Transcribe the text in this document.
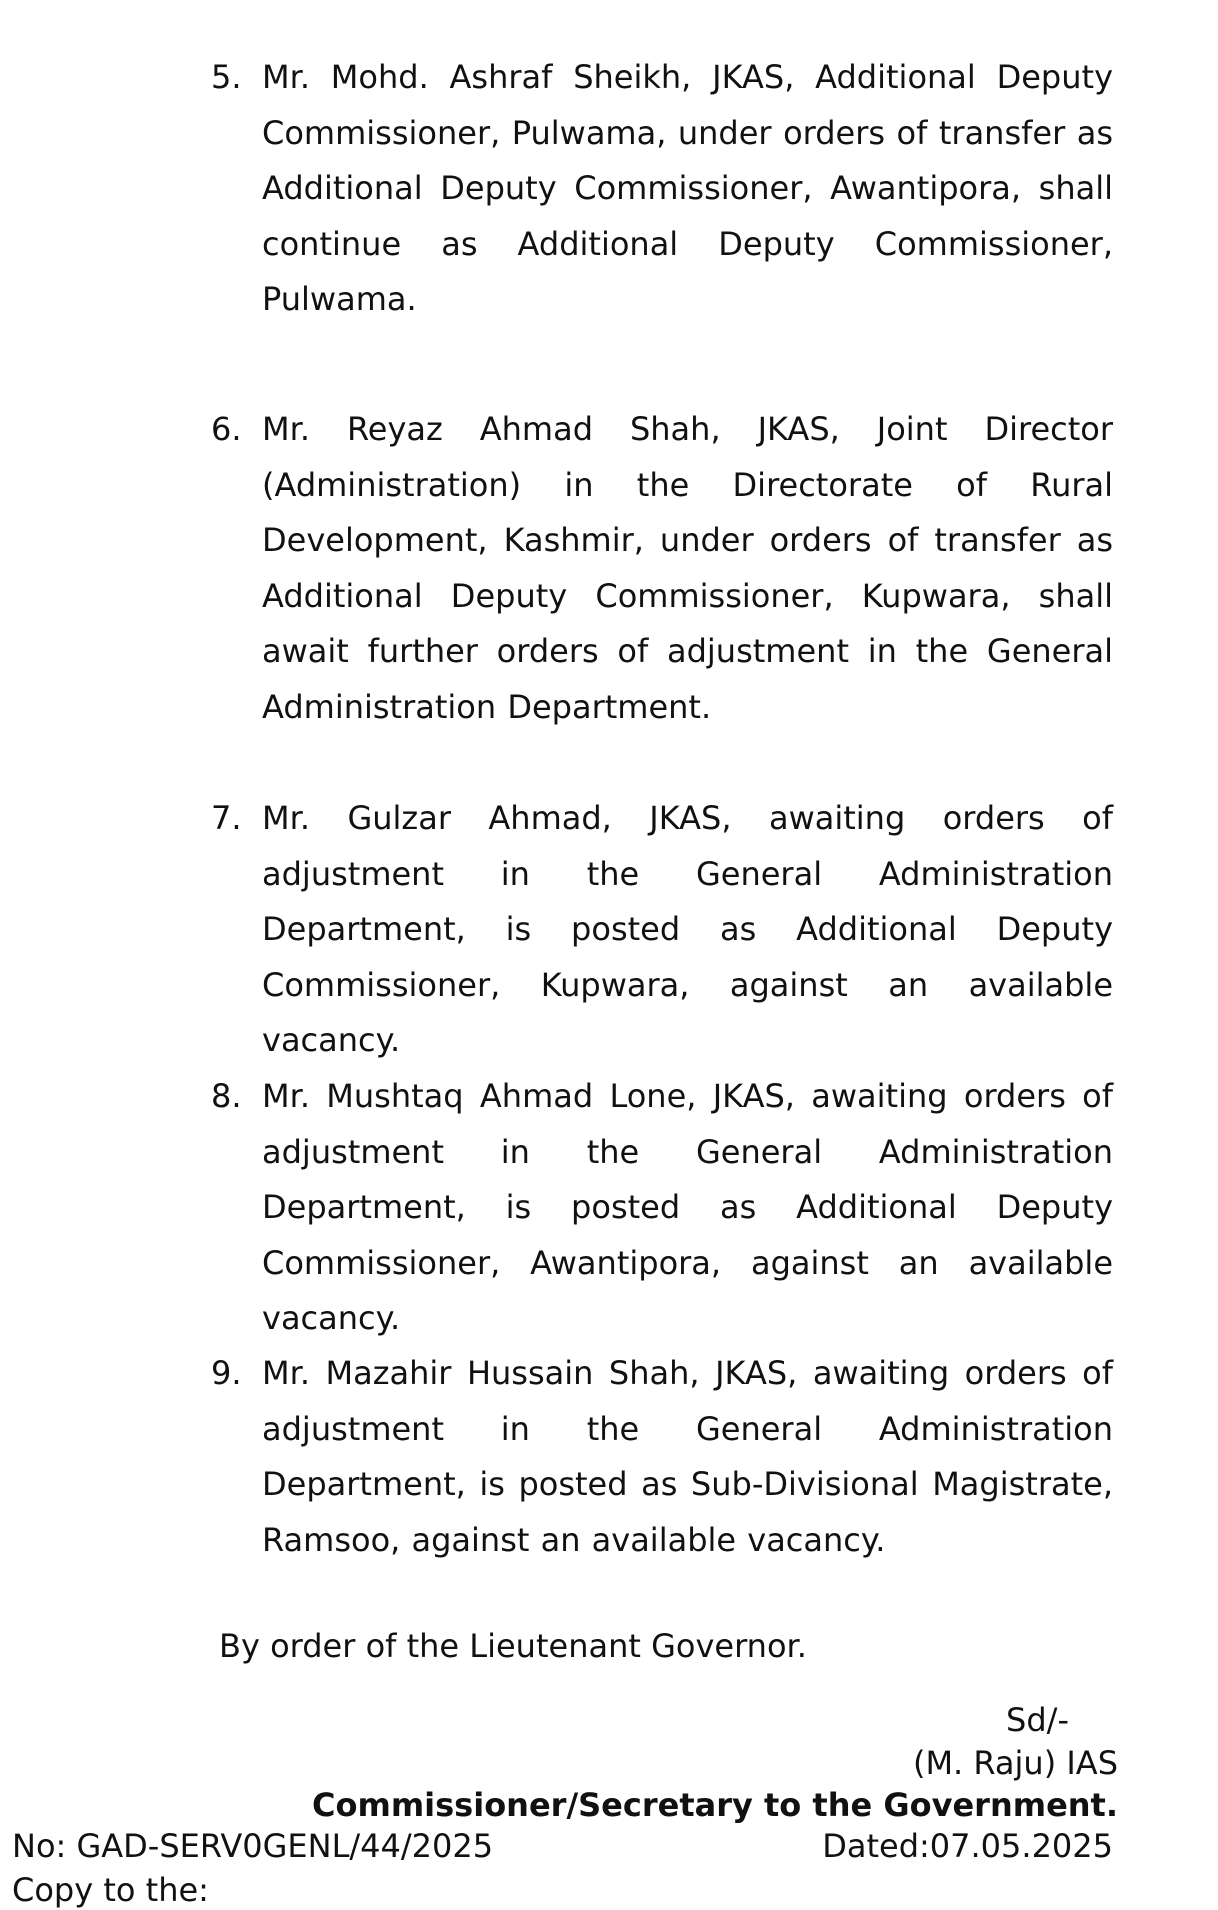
5. Mr. Mohd. Ashraf Sheikh, JKAS, Additional Deputy Commissioner, Pulwama, under orders of transfer as Additional Deputy Commissioner, Awantipora, shall continue as Additional Deputy Commissioner, Pulwama.
6. Mr. Reyaz Ahmad Shah, JKAS, Joint Director (Administration) in the Directorate of Rural Development, Kashmir, under orders of transfer as Additional Deputy Commissioner, Kupwara, shall await further orders of adjustment in the General Administration Department.
7. Mr. Gulzar Ahmad, JKAS, awaiting orders of adjustment in the General Administration Department, is posted as Additional Deputy Commissioner, Kupwara, against an available vacancy.
8. Mr. Mushtaq Ahmad Lone, JKAS, awaiting orders of adjustment in the General Administration Department, is posted as Additional Deputy Commissioner, Awantipora, against an available vacancy.
9. Mr. Mazahir Hussain Shah, JKAS, awaiting orders of adjustment in the General Administration Department, is posted as Sub-Divisional Magistrate, Ramsoo, against an available vacancy.
By order of the Lieutenant Governor.
Sd/-
(M. Raju) IAS
Commissioner/Secretary to the Government.
No: GAD-SERV0GENL/44/2025	Dated:07.05.2025
Copy to the:
